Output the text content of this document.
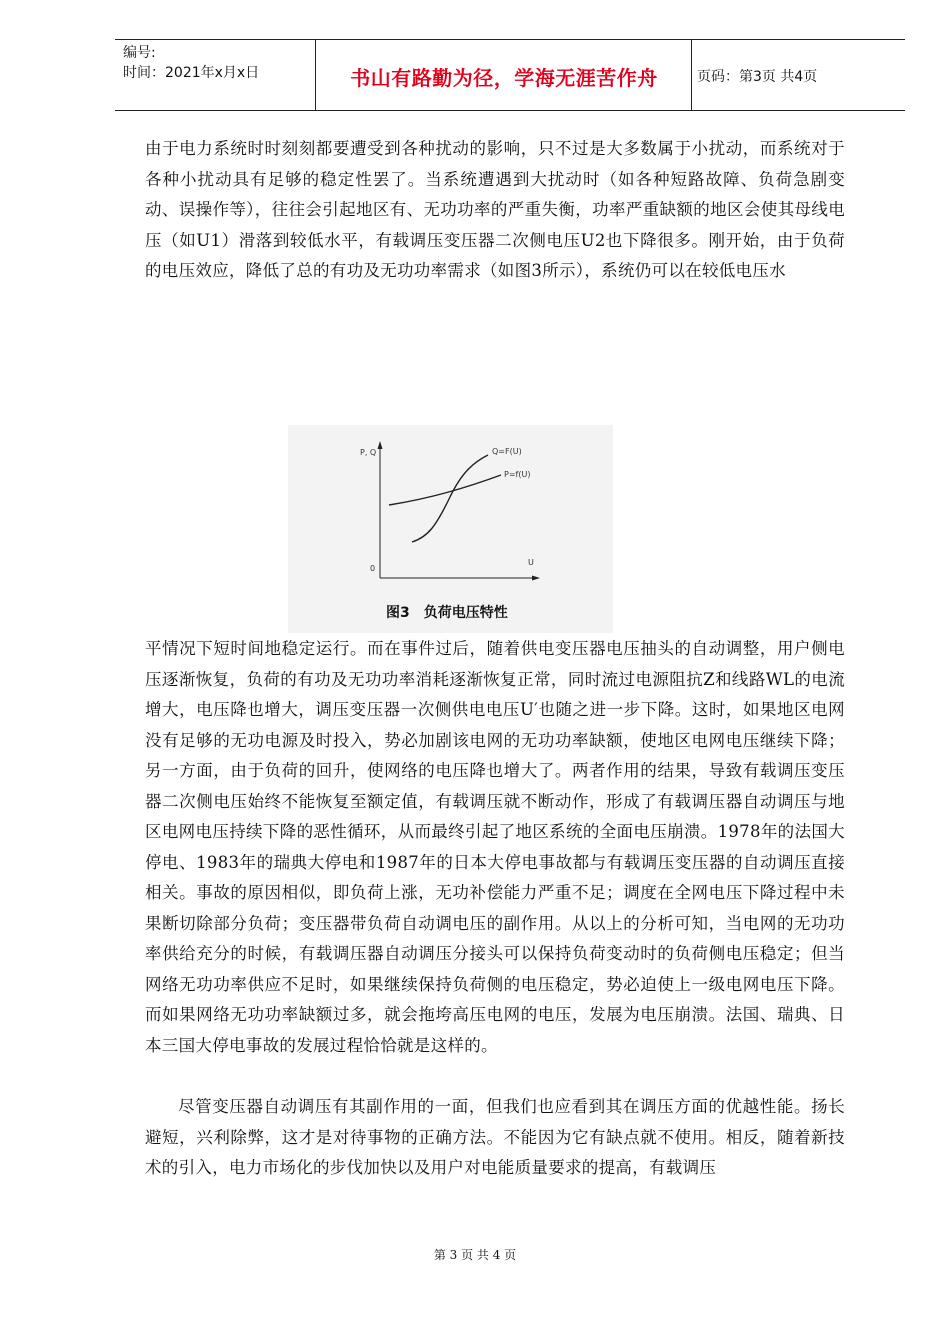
编号:
时间：2021年x月x日	书山有路勤为径，学海无涯苦作舟	页码：第3页 共4页

由于电力系统时时刻刻都要遭受到各种扰动的影响，只不过是大多数属于小扰动，而系统对于各种小扰动具有足够的稳定性罢了。当系统遭遇到大扰动时（如各种短路故障、负荷急剧变动、误操作等），往往会引起地区有、无功功率的严重失衡，功率严重缺额的地区会使其母线电压（如U1）滑落到较低水平，有载调压变压器二次侧电压U2也下降很多。刚开始，由于负荷的电压效应，降低了总的有功及无功功率需求（如图3所示），系统仍可以在较低电压水

P, Q
U
0
Q=F(U)
P=f(U)
图3　负荷电压特性

平情况下短时间地稳定运行。而在事件过后，随着供电变压器电压抽头的自动调整，用户侧电压逐渐恢复，负荷的有功及无功功率消耗逐渐恢复正常，同时流过电源阻抗Z和线路WL的电流增大，电压降也增大，调压变压器一次侧供电电压U′也随之进一步下降。这时，如果地区电网没有足够的无功电源及时投入，势必加剧该电网的无功功率缺额，使地区电网电压继续下降；另一方面，由于负荷的回升，使网络的电压降也增大了。两者作用的结果，导致有载调压变压器二次侧电压始终不能恢复至额定值，有载调压就不断动作，形成了有载调压器自动调压与地区电网电压持续下降的恶性循环，从而最终引起了地区系统的全面电压崩溃。1978年的法国大停电、1983年的瑞典大停电和1987年的日本大停电事故都与有载调压变压器的自动调压直接相关。事故的原因相似，即负荷上涨，无功补偿能力严重不足；调度在全网电压下降过程中未果断切除部分负荷；变压器带负荷自动调电压的副作用。从以上的分析可知，当电网的无功功率供给充分的时候，有载调压器自动调压分接头可以保持负荷变动时的负荷侧电压稳定；但当网络无功功率供应不足时，如果继续保持负荷侧的电压稳定，势必迫使上一级电网电压下降。而如果网络无功功率缺额过多，就会拖垮高压电网的电压，发展为电压崩溃。法国、瑞典、日本三国大停电事故的发展过程恰恰就是这样的。

尽管变压器自动调压有其副作用的一面，但我们也应看到其在调压方面的优越性能。扬长避短，兴利除弊，这才是对待事物的正确方法。不能因为它有缺点就不使用。相反，随着新技术的引入，电力市场化的步伐加快以及用户对电能质量要求的提高，有载调压

第 3 页 共 4 页
